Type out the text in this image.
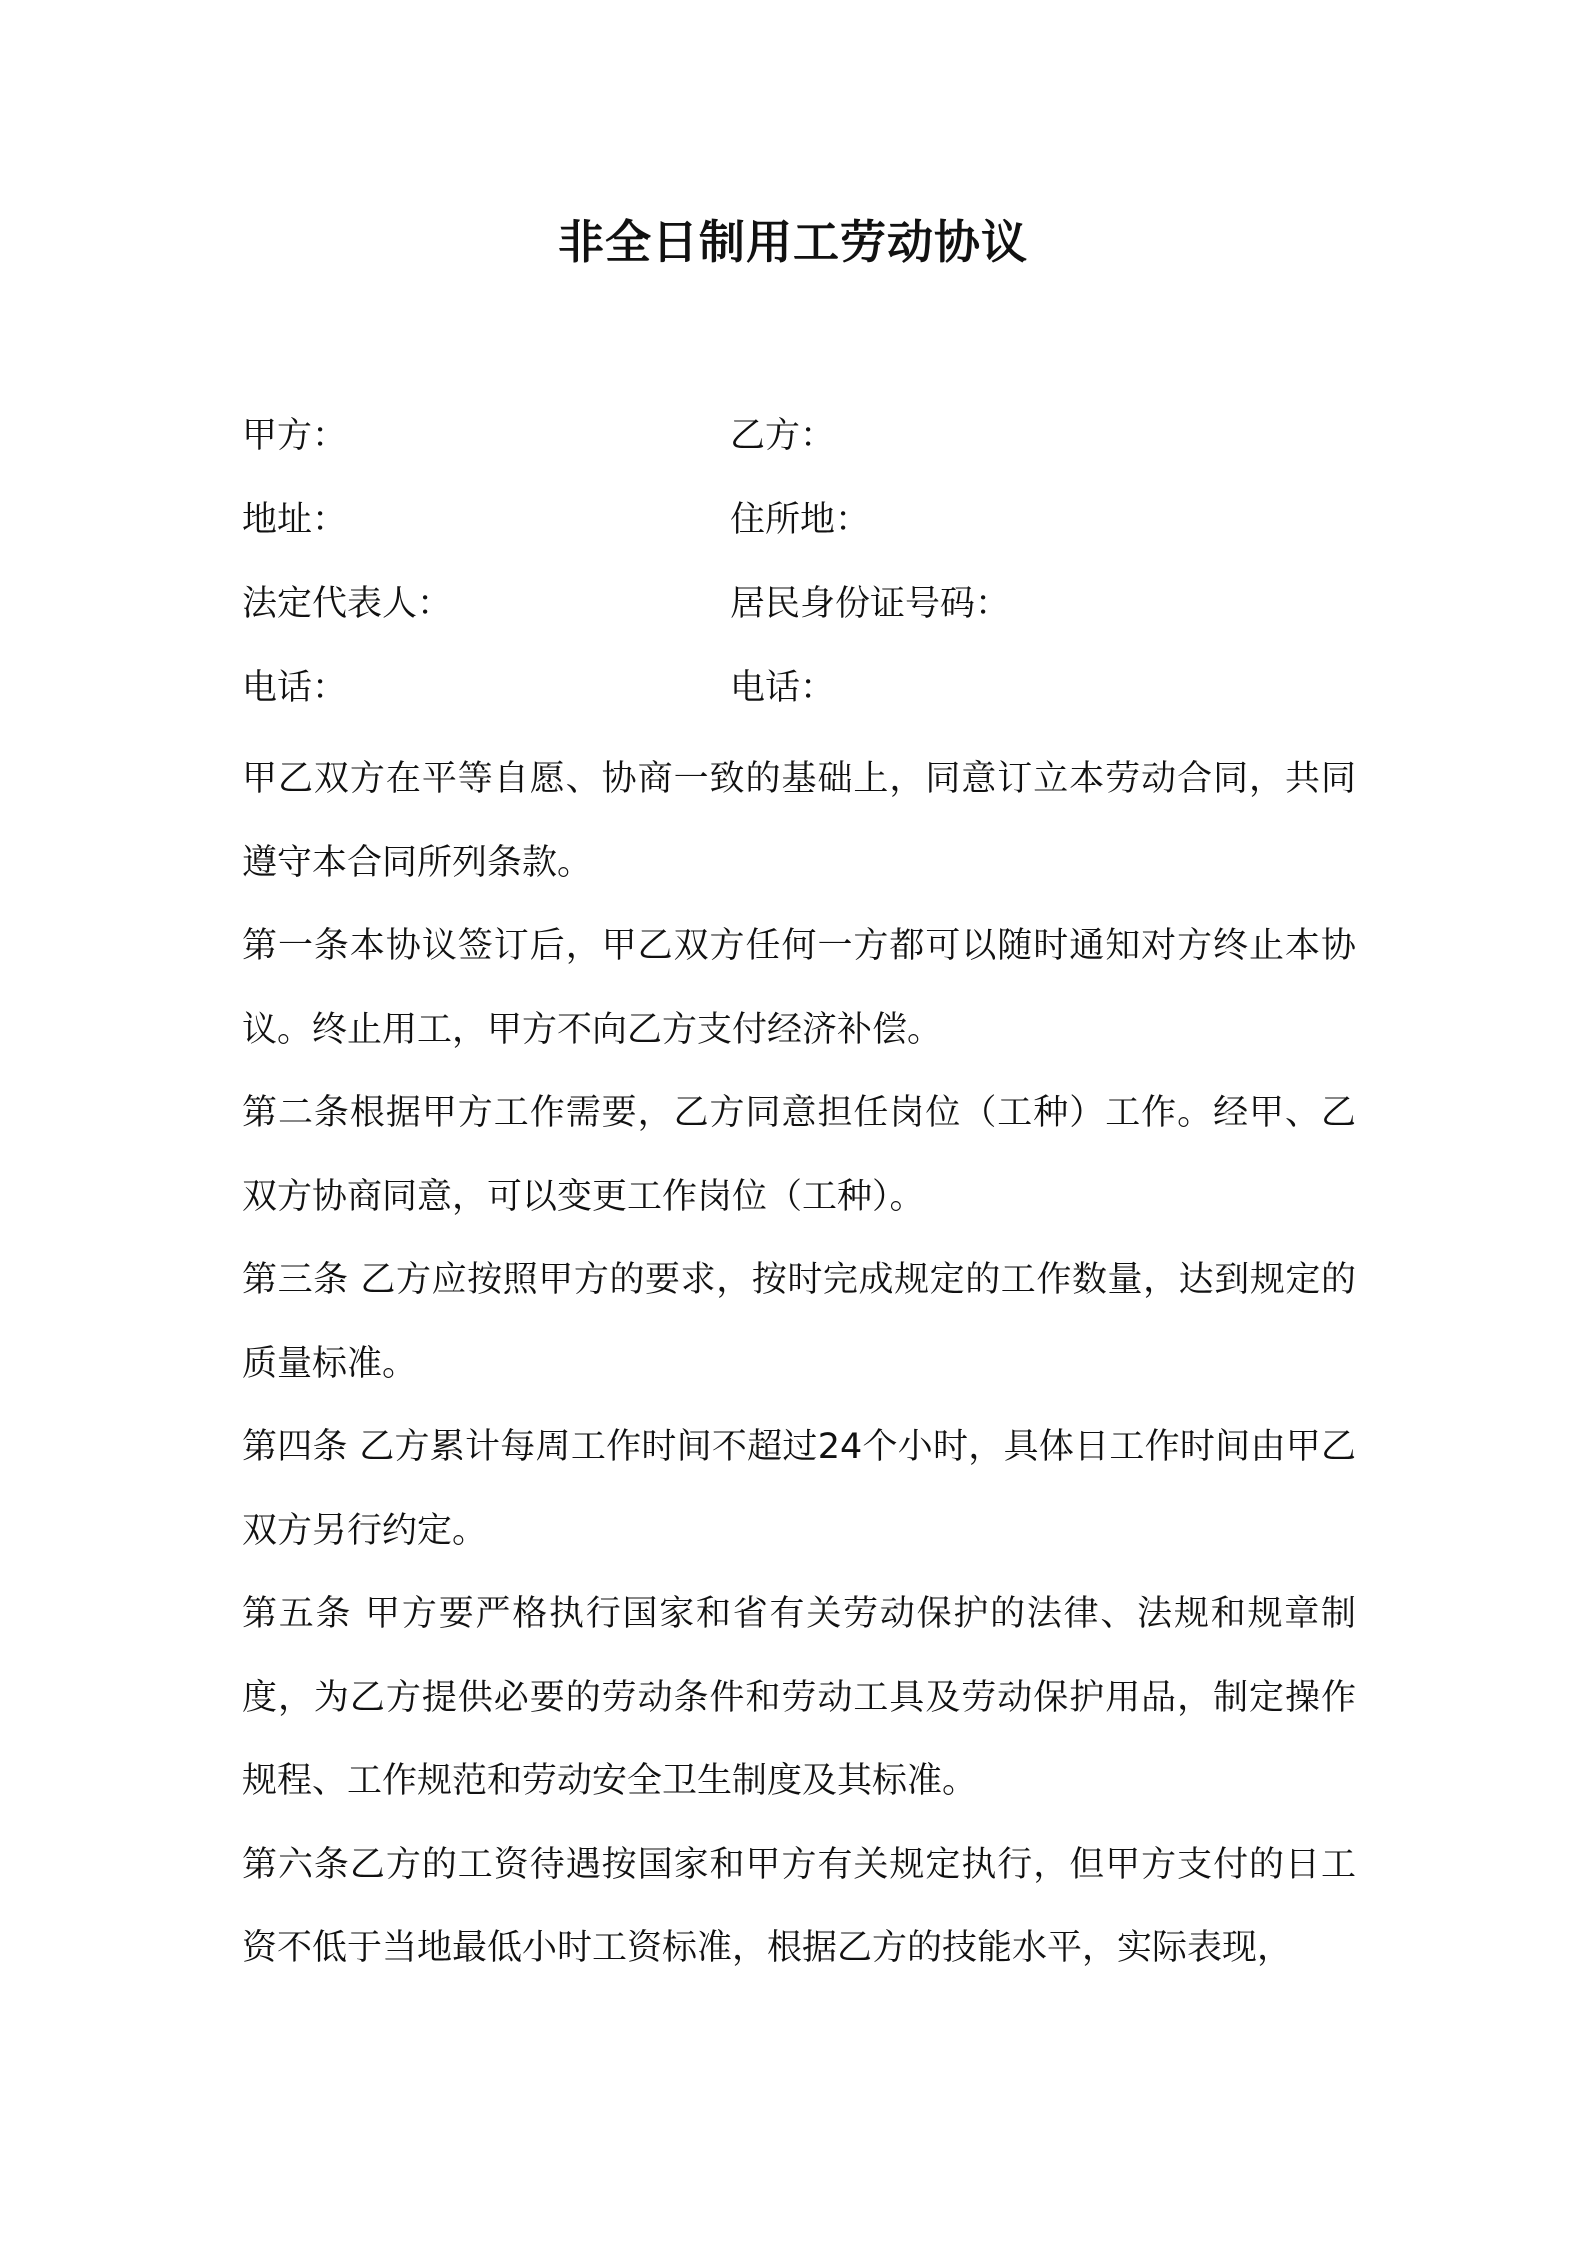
非全日制用工劳动协议
甲方：	乙方：
地址：	住所地：
法定代表人：	居民身份证号码：
电话：	电话：

甲乙双方在平等自愿、协商一致的基础上，同意订立本劳动合同，共同遵守本合同所列条款。

第一条本协议签订后，甲乙双方任何一方都可以随时通知对方终止本协议。终止用工，甲方不向乙方支付经济补偿。

第二条根据甲方工作需要，乙方同意担任岗位（工种）工作。经甲、乙双方协商同意，可以变更工作岗位（工种）。

第三条 乙方应按照甲方的要求，按时完成规定的工作数量，达到规定的质量标准。

第四条 乙方累计每周工作时间不超过24个小时，具体日工作时间由甲乙双方另行约定。

第五条 甲方要严格执行国家和省有关劳动保护的法律、法规和规章制度，为乙方提供必要的劳动条件和劳动工具及劳动保护用品，制定操作规程、工作规范和劳动安全卫生制度及其标准。

第六条乙方的工资待遇按国家和甲方有关规定执行，但甲方支付的日工资不低于当地最低小时工资标准，根据乙方的技能水平，实际表现，
